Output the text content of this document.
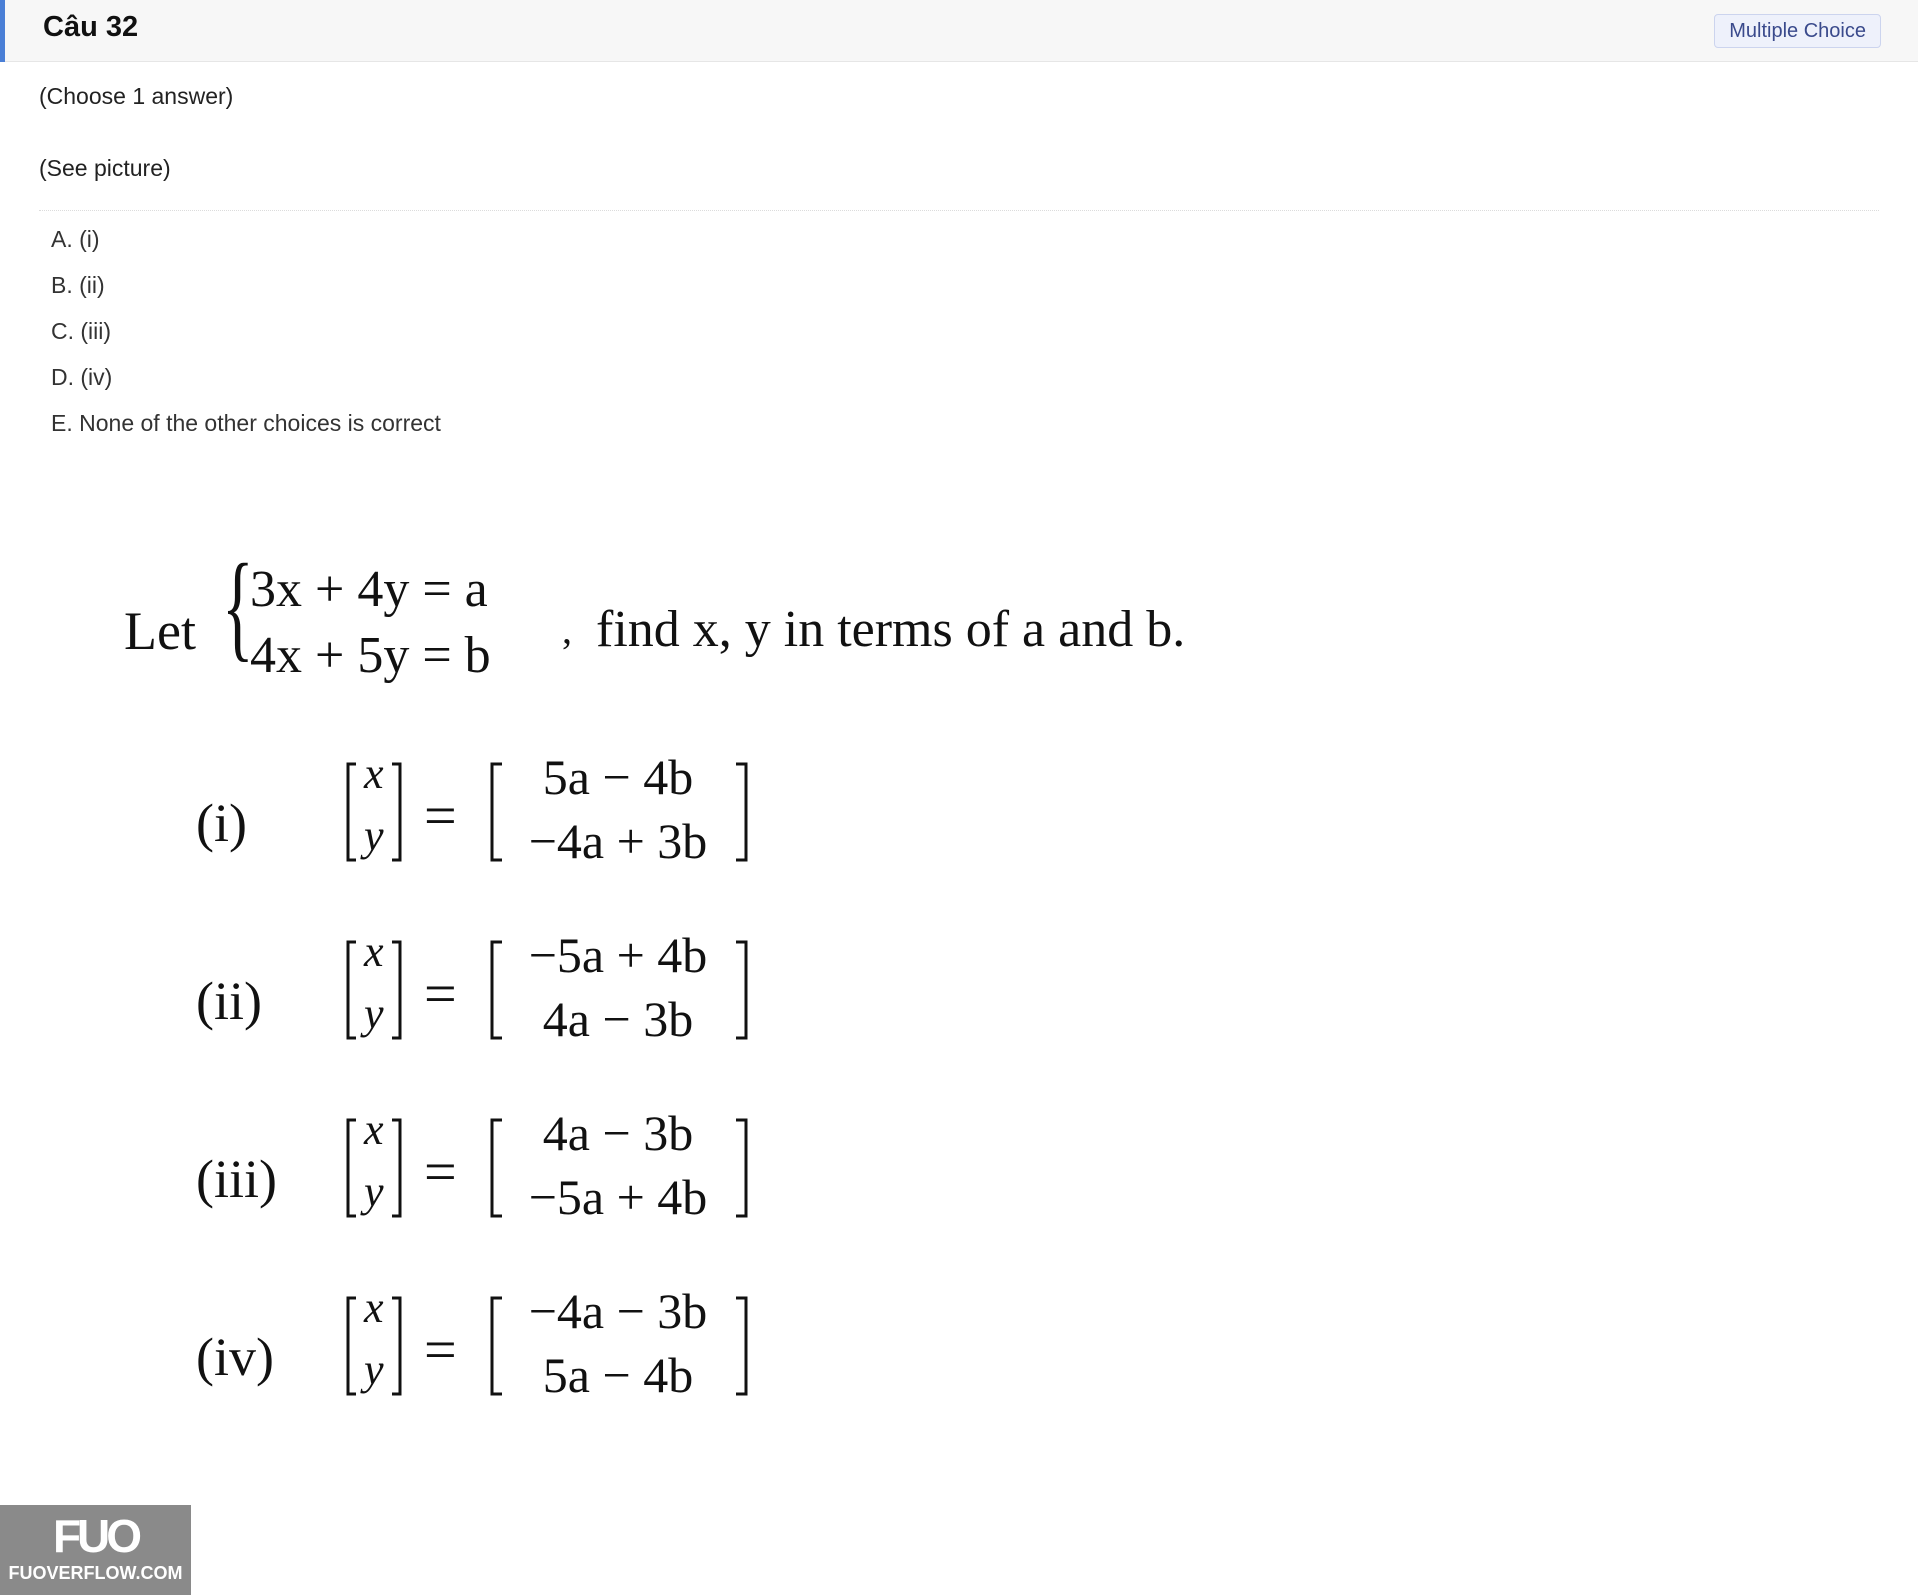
Câu 32	Multiple Choice
(Choose 1 answer)
(See picture)
A. (i)
B. (ii)
C. (iii)
D. (iv)
E. None of the other choices is correct
Let {
3x + 4y = a
4x + 5y = b , find x, y in terms of a and b.
(i)
x
y =
5a − 4b
−4a + 3b
(ii)
x
y =
−5a + 4b
4a − 3b
(iii)
x
y =
4a − 3b
−5a + 4b
(iv)
x
y =
−4a − 3b
5a − 4b
FUO
FUOVERFLOW.COM
